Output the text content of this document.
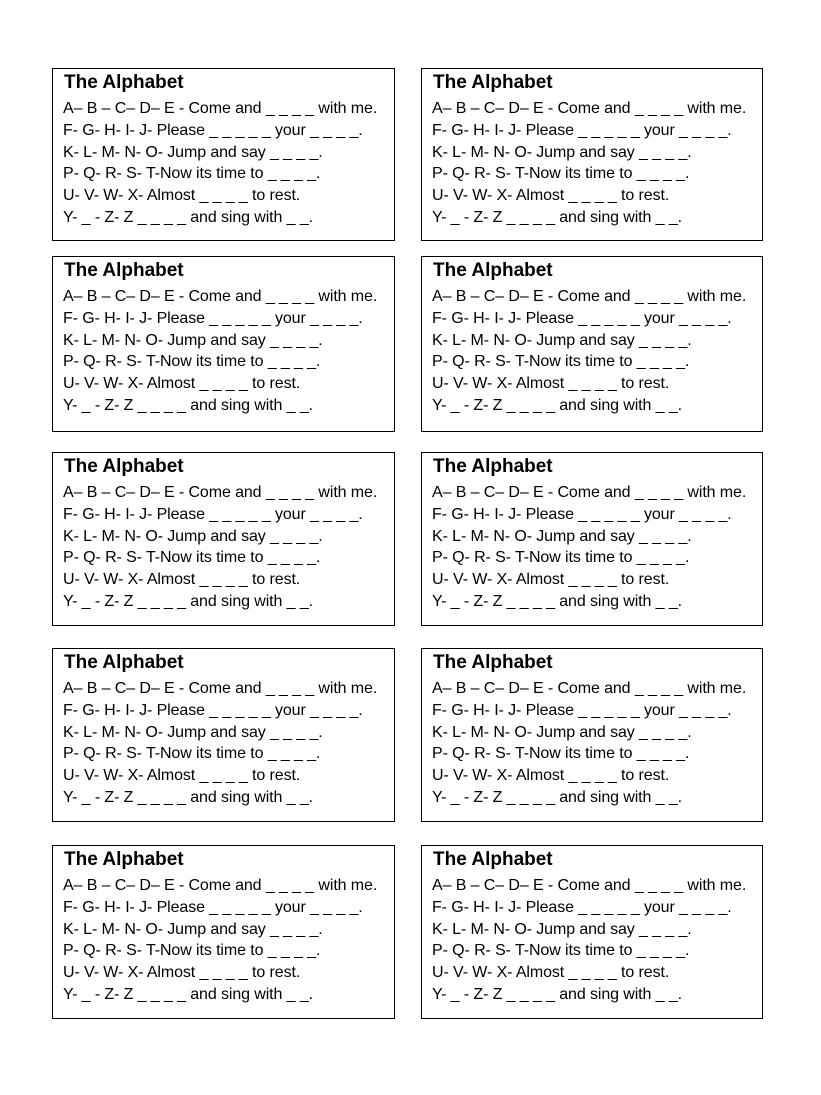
The Alphabet
A– B – C– D– E - Come and _ _ _ _ with me.
F- G- H- I- J- Please _ _ _ _ _ your _ _ _ _.
K- L- M- N- O- Jump and say _ _ _ _.
P- Q- R- S- T-Now its time to _ _ _ _.
U- V- W- X- Almost _ _ _ _ to rest.
Y- _ - Z- Z _ _ _ _ and sing with _ _.
The Alphabet
A– B – C– D– E - Come and _ _ _ _ with me.
F- G- H- I- J- Please _ _ _ _ _ your _ _ _ _.
K- L- M- N- O- Jump and say _ _ _ _.
P- Q- R- S- T-Now its time to _ _ _ _.
U- V- W- X- Almost _ _ _ _ to rest.
Y- _ - Z- Z _ _ _ _ and sing with _ _.
The Alphabet
A– B – C– D– E - Come and _ _ _ _ with me.
F- G- H- I- J- Please _ _ _ _ _ your _ _ _ _.
K- L- M- N- O- Jump and say _ _ _ _.
P- Q- R- S- T-Now its time to _ _ _ _.
U- V- W- X- Almost _ _ _ _ to rest.
Y- _ - Z- Z _ _ _ _ and sing with _ _.
The Alphabet
A– B – C– D– E - Come and _ _ _ _ with me.
F- G- H- I- J- Please _ _ _ _ _ your _ _ _ _.
K- L- M- N- O- Jump and say _ _ _ _.
P- Q- R- S- T-Now its time to _ _ _ _.
U- V- W- X- Almost _ _ _ _ to rest.
Y- _ - Z- Z _ _ _ _ and sing with _ _.
The Alphabet
A– B – C– D– E - Come and _ _ _ _ with me.
F- G- H- I- J- Please _ _ _ _ _ your _ _ _ _.
K- L- M- N- O- Jump and say _ _ _ _.
P- Q- R- S- T-Now its time to _ _ _ _.
U- V- W- X- Almost _ _ _ _ to rest.
Y- _ - Z- Z _ _ _ _ and sing with _ _.
The Alphabet
A– B – C– D– E - Come and _ _ _ _ with me.
F- G- H- I- J- Please _ _ _ _ _ your _ _ _ _.
K- L- M- N- O- Jump and say _ _ _ _.
P- Q- R- S- T-Now its time to _ _ _ _.
U- V- W- X- Almost _ _ _ _ to rest.
Y- _ - Z- Z _ _ _ _ and sing with _ _.
The Alphabet
A– B – C– D– E - Come and _ _ _ _ with me.
F- G- H- I- J- Please _ _ _ _ _ your _ _ _ _.
K- L- M- N- O- Jump and say _ _ _ _.
P- Q- R- S- T-Now its time to _ _ _ _.
U- V- W- X- Almost _ _ _ _ to rest.
Y- _ - Z- Z _ _ _ _ and sing with _ _.
The Alphabet
A– B – C– D– E - Come and _ _ _ _ with me.
F- G- H- I- J- Please _ _ _ _ _ your _ _ _ _.
K- L- M- N- O- Jump and say _ _ _ _.
P- Q- R- S- T-Now its time to _ _ _ _.
U- V- W- X- Almost _ _ _ _ to rest.
Y- _ - Z- Z _ _ _ _ and sing with _ _.
The Alphabet
A– B – C– D– E - Come and _ _ _ _ with me.
F- G- H- I- J- Please _ _ _ _ _ your _ _ _ _.
K- L- M- N- O- Jump and say _ _ _ _.
P- Q- R- S- T-Now its time to _ _ _ _.
U- V- W- X- Almost _ _ _ _ to rest.
Y- _ - Z- Z _ _ _ _ and sing with _ _.
The Alphabet
A– B – C– D– E - Come and _ _ _ _ with me.
F- G- H- I- J- Please _ _ _ _ _ your _ _ _ _.
K- L- M- N- O- Jump and say _ _ _ _.
P- Q- R- S- T-Now its time to _ _ _ _.
U- V- W- X- Almost _ _ _ _ to rest.
Y- _ - Z- Z _ _ _ _ and sing with _ _.
